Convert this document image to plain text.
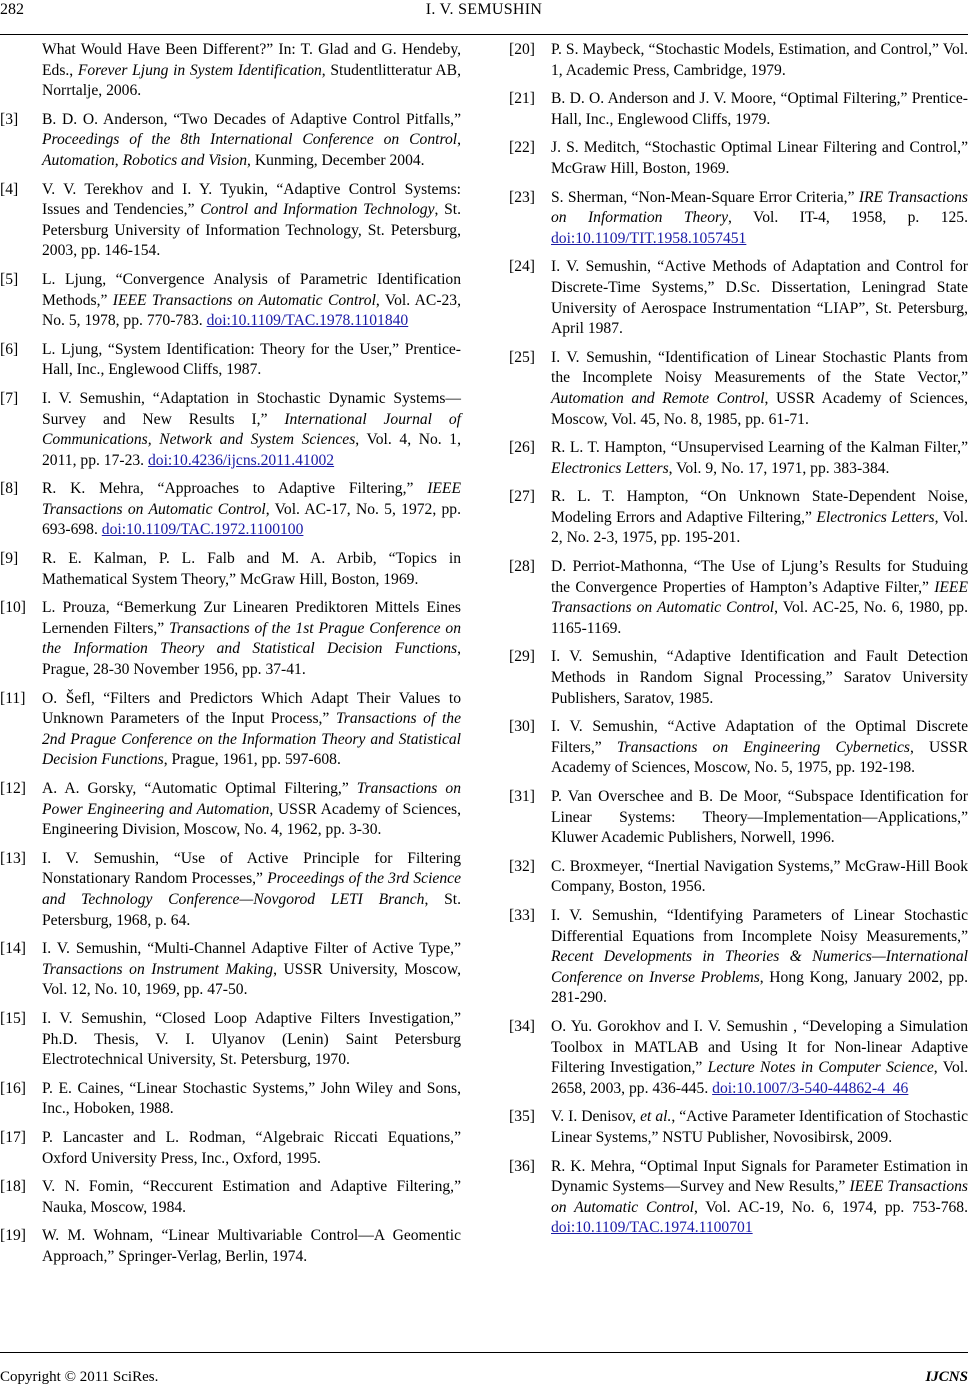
282	I. V. SEMUSHIN
What Would Have Been Different?” In: T. Glad and G. Hendeby, Eds., Forever Ljung in System Identification, Studentlitteratur AB, Norrtalje, 2006.
[3]	B. D. O. Anderson, “Two Decades of Adaptive Control Pitfalls,” Proceedings of the 8th International Conference on Control, Automation, Robotics and Vision, Kunming, December 2004.
[4]	V. V. Terekhov and I. Y. Tyukin, “Adaptive Control Systems: Issues and Tendencies,” Control and Information Technology, St. Petersburg University of Information Technology, St. Petersburg, 2003, pp. 146-154.
[5]	L. Ljung, “Convergence Analysis of Parametric Identification Methods,” IEEE Transactions on Automatic Control, Vol. AC-23, No. 5, 1978, pp. 770-783. doi:10.1109/TAC.1978.1101840
[6]	L. Ljung, “System Identification: Theory for the User,” Prentice-Hall, Inc., Englewood Cliffs, 1987.
[7]	I. V. Semushin, “Adaptation in Stochastic Dynamic Systems—Survey and New Results I,” International Journal of Communications, Network and System Sciences, Vol. 4, No. 1, 2011, pp. 17-23. doi:10.4236/ijcns.2011.41002
[8]	R. K. Mehra, “Approaches to Adaptive Filtering,” IEEE Transactions on Automatic Control, Vol. AC-17, No. 5, 1972, pp. 693-698. doi:10.1109/TAC.1972.1100100
[9]	R. E. Kalman, P. L. Falb and M. A. Arbib, “Topics in Mathematical System Theory,” McGraw Hill, Boston, 1969.
[10]	L. Prouza, “Bemerkung Zur Linearen Prediktoren Mittels Eines Lernenden Filters,” Transactions of the 1st Prague Conference on the Information Theory and Statistical Decision Functions, Prague, 28-30 November 1956, pp. 37-41.
[11]	O. Šefl, “Filters and Predictors Which Adapt Their Values to Unknown Parameters of the Input Process,” Transactions of the 2nd Prague Conference on the Information Theory and Statistical Decision Functions, Prague, 1961, pp. 597-608.
[12]	A. A. Gorsky, “Automatic Optimal Filtering,” Transactions on Power Engineering and Automation, USSR Academy of Sciences, Engineering Division, Moscow, No. 4, 1962, pp. 3-30.
[13]	I. V. Semushin, “Use of Active Principle for Filtering Nonstationary Random Processes,” Proceedings of the 3rd Science and Technology Conference—Novgorod LETI Branch, St. Petersburg, 1968, p. 64.
[14]	I. V. Semushin, “Multi-Channel Adaptive Filter of Active Type,” Transactions on Instrument Making, USSR University, Moscow, Vol. 12, No. 10, 1969, pp. 47-50.
[15]	I. V. Semushin, “Closed Loop Adaptive Filters Investigation,” Ph.D. Thesis, V. I. Ulyanov (Lenin) Saint Petersburg Electrotechnical University, St. Petersburg, 1970.
[16]	P. E. Caines, “Linear Stochastic Systems,” John Wiley and Sons, Inc., Hoboken, 1988.
[17]	P. Lancaster and L. Rodman, “Algebraic Riccati Equations,” Oxford University Press, Inc., Oxford, 1995.
[18]	V. N. Fomin, “Reccurent Estimation and Adaptive Filtering,” Nauka, Moscow, 1984.
[19]	W. M. Wohnam, “Linear Multivariable Control—A Geomentic Approach,” Springer-Verlag, Berlin, 1974.
[20]	P. S. Maybeck, “Stochastic Models, Estimation, and Control,” Vol. 1, Academic Press, Cambridge, 1979.
[21]	B. D. O. Anderson and J. V. Moore, “Optimal Filtering,” Prentice-Hall, Inc., Englewood Cliffs, 1979.
[22]	J. S. Meditch, “Stochastic Optimal Linear Filtering and Control,” McGraw Hill, Boston, 1969.
[23]	S. Sherman, “Non-Mean-Square Error Criteria,” IRE Transactions on Information Theory, Vol. IT-4, 1958, p. 125. doi:10.1109/TIT.1958.1057451
[24]	I. V. Semushin, “Active Methods of Adaptation and Control for Discrete-Time Systems,” D.Sc. Dissertation, Leningrad State University of Aerospace Instrumentation “LIAP”, St. Petersburg, April 1987.
[25]	I. V. Semushin, “Identification of Linear Stochastic Plants from the Incomplete Noisy Measurements of the State Vector,” Automation and Remote Control, USSR Academy of Sciences, Moscow, Vol. 45, No. 8, 1985, pp. 61-71.
[26]	R. L. T. Hampton, “Unsupervised Learning of the Kalman Filter,” Electronics Letters, Vol. 9, No. 17, 1971, pp. 383-384.
[27]	R. L. T. Hampton, “On Unknown State-Dependent Noise, Modeling Errors and Adaptive Filtering,” Electronics Letters, Vol. 2, No. 2-3, 1975, pp. 195-201.
[28]	D. Perriot-Mathonna, “The Use of Ljung’s Results for Studuing the Convergence Properties of Hampton’s Adaptive Filter,” IEEE Transactions on Automatic Control, Vol. AC-25, No. 6, 1980, pp. 1165-1169.
[29]	I. V. Semushin, “Adaptive Identification and Fault Detection Methods in Random Signal Processing,” Saratov University Publishers, Saratov, 1985.
[30]	I. V. Semushin, “Active Adaptation of the Optimal Discrete Filters,” Transactions on Engineering Cybernetics, USSR Academy of Sciences, Moscow, No. 5, 1975, pp. 192-198.
[31]	P. Van Overschee and B. De Moor, “Subspace Identification for Linear Systems: Theory—Implementation—Applications,” Kluwer Academic Publishers, Norwell, 1996.
[32]	C. Broxmeyer, “Inertial Navigation Systems,” McGraw-Hill Book Company, Boston, 1956.
[33]	I. V. Semushin, “Identifying Parameters of Linear Stochastic Differential Equations from Incomplete Noisy Measurements,” Recent Developments in Theories & Numerics—International Conference on Inverse Problems, Hong Kong, January 2002, pp. 281-290.
[34]	O. Yu. Gorokhov and I. V. Semushin , “Developing a Simulation Toolbox in MATLAB and Using It for Non-linear Adaptive Filtering Investigation,” Lecture Notes in Computer Science, Vol. 2658, 2003, pp. 436-445. doi:10.1007/3-540-44862-4_46
[35]	V. I. Denisov, et al., “Active Parameter Identification of Stochastic Linear Systems,” NSTU Publisher, Novosibirsk, 2009.
[36]	R. K. Mehra, “Optimal Input Signals for Parameter Estimation in Dynamic Systems—Survey and New Results,” IEEE Transactions on Automatic Control, Vol. AC-19, No. 6, 1974, pp. 753-768. doi:10.1109/TAC.1974.1100701
Copyright © 2011 SciRes.	IJCNS
